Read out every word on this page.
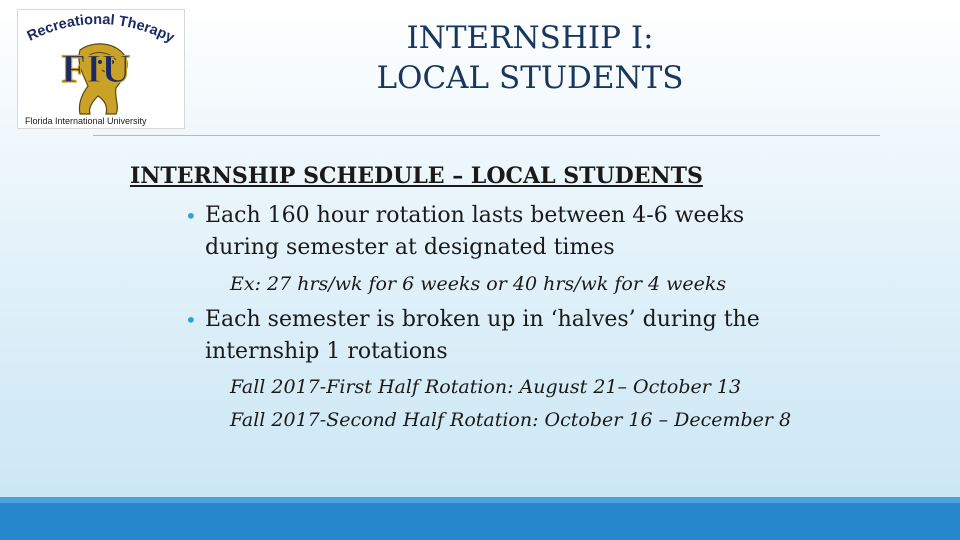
Recreational Therapy
FIU
Florida International University
INTERNSHIP I:
LOCAL STUDENTS
INTERNSHIP SCHEDULE – LOCAL STUDENTS
• Each 160 hour rotation lasts between 4-6 weeks
during semester at designated times
Ex: 27 hrs/wk for 6 weeks or 40 hrs/wk for 4 weeks
• Each semester is broken up in ‘halves’ during the
internship 1 rotations
Fall 2017-First Half Rotation: August 21– October 13
Fall 2017-Second Half Rotation: October 16 – December 8
